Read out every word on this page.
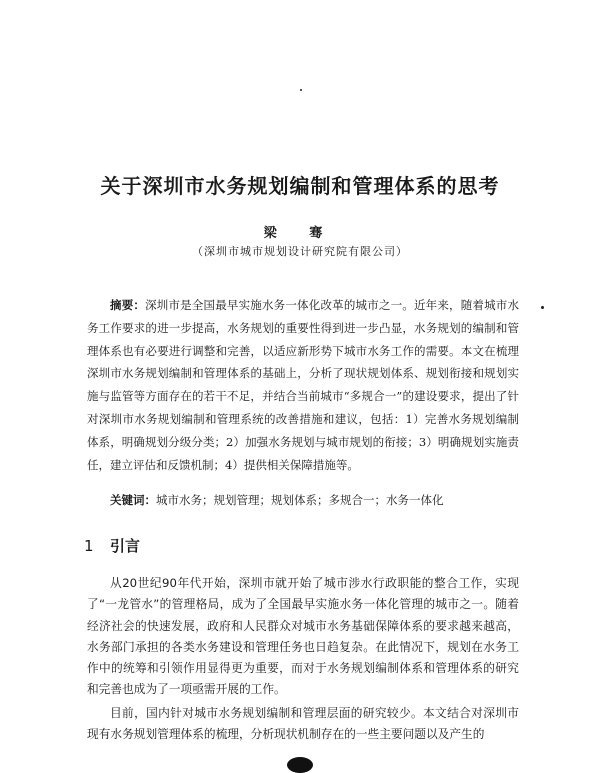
关于深圳市水务规划编制和管理体系的思考
梁 骞
（深圳市城市规划设计研究院有限公司）

摘要：深圳市是全国最早实施水务一体化改革的城市之一。近年来，随着城市水务工作要求的进一步提高，水务规划的重要性得到进一步凸显，水务规划的编制和管理体系也有必要进行调整和完善，以适应新形势下城市水务工作的需要。本文在梳理深圳市水务规划编制和管理体系的基础上，分析了现状规划体系、规划衔接和规划实施与监管等方面存在的若干不足，并结合当前城市“多规合一”的建设要求，提出了针对深圳市水务规划编制和管理系统的改善措施和建议，包括：1）完善水务规划编制体系，明确规划分级分类；2）加强水务规划与城市规划的衔接；3）明确规划实施责任，建立评估和反馈机制；4）提供相关保障措施等。

关键词：城市水务；规划管理；规划体系；多规合一；水务一体化

1 引言

从20世纪90年代开始，深圳市就开始了城市涉水行政职能的整合工作，实现了“一龙管水”的管理格局，成为了全国最早实施水务一体化管理的城市之一。随着经济社会的快速发展，政府和人民群众对城市水务基础保障体系的要求越来越高，水务部门承担的各类水务建设和管理任务也日趋复杂。在此情况下，规划在水务工作中的统筹和引领作用显得更为重要，而对于水务规划编制体系和管理体系的研究和完善也成为了一项亟需开展的工作。

目前，国内针对城市水务规划编制和管理层面的研究较少。本文结合对深圳市现有水务规划管理体系的梳理，分析现状机制存在的一些主要问题以及产生的
